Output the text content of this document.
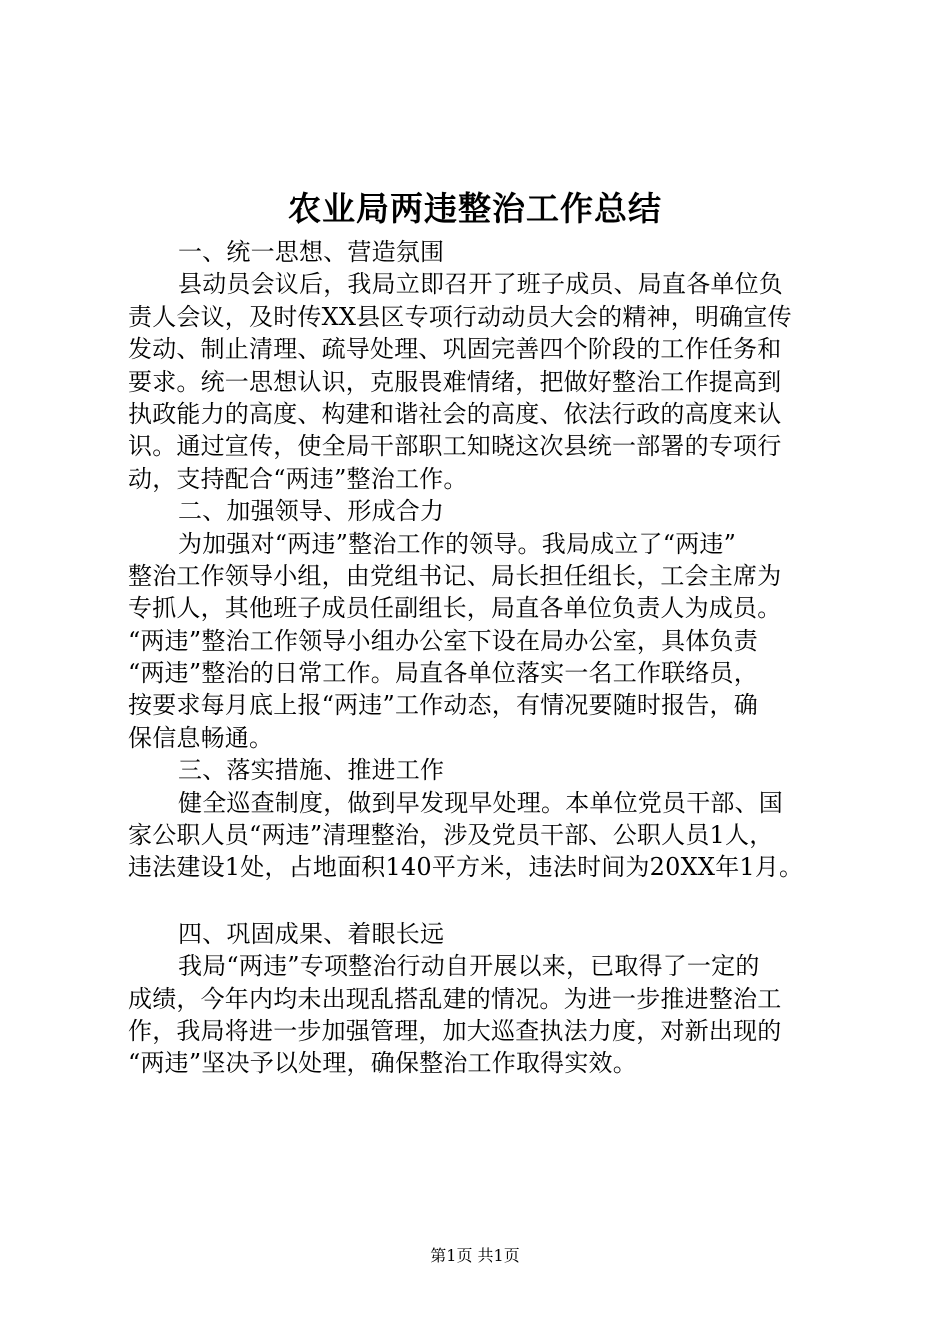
农业局两违整治工作总结

一、统一思想、营造氛围

县动员会议后，我局立即召开了班子成员、局直各单位负

责人会议，及时传XX县区专项行动动员大会的精神，明确宣传

发动、制止清理、疏导处理、巩固完善四个阶段的工作任务和

要求。统一思想认识，克服畏难情绪，把做好整治工作提高到

执政能力的高度、构建和谐社会的高度、依法行政的高度来认

识。通过宣传，使全局干部职工知晓这次县统一部署的专项行

动，支持配合“两违”整治工作。

二、加强领导、形成合力

为加强对“两违”整治工作的领导。我局成立了“两违”

整治工作领导小组，由党组书记、局长担任组长，工会主席为

专抓人，其他班子成员任副组长，局直各单位负责人为成员。

“两违”整治工作领导小组办公室下设在局办公室，具体负责

“两违”整治的日常工作。局直各单位落实一名工作联络员，

按要求每月底上报“两违”工作动态，有情况要随时报告，确

保信息畅通。

三、落实措施、推进工作

健全巡查制度，做到早发现早处理。本单位党员干部、国

家公职人员“两违”清理整治，涉及党员干部、公职人员1人，

违法建设1处，占地面积140平方米，违法时间为20XX年1月。

四、巩固成果、着眼长远

我局“两违”专项整治行动自开展以来，已取得了一定的

成绩，今年内均未出现乱搭乱建的情况。为进一步推进整治工

作，我局将进一步加强管理，加大巡查执法力度，对新出现的

“两违”坚决予以处理，确保整治工作取得实效。

第1页 共1页
